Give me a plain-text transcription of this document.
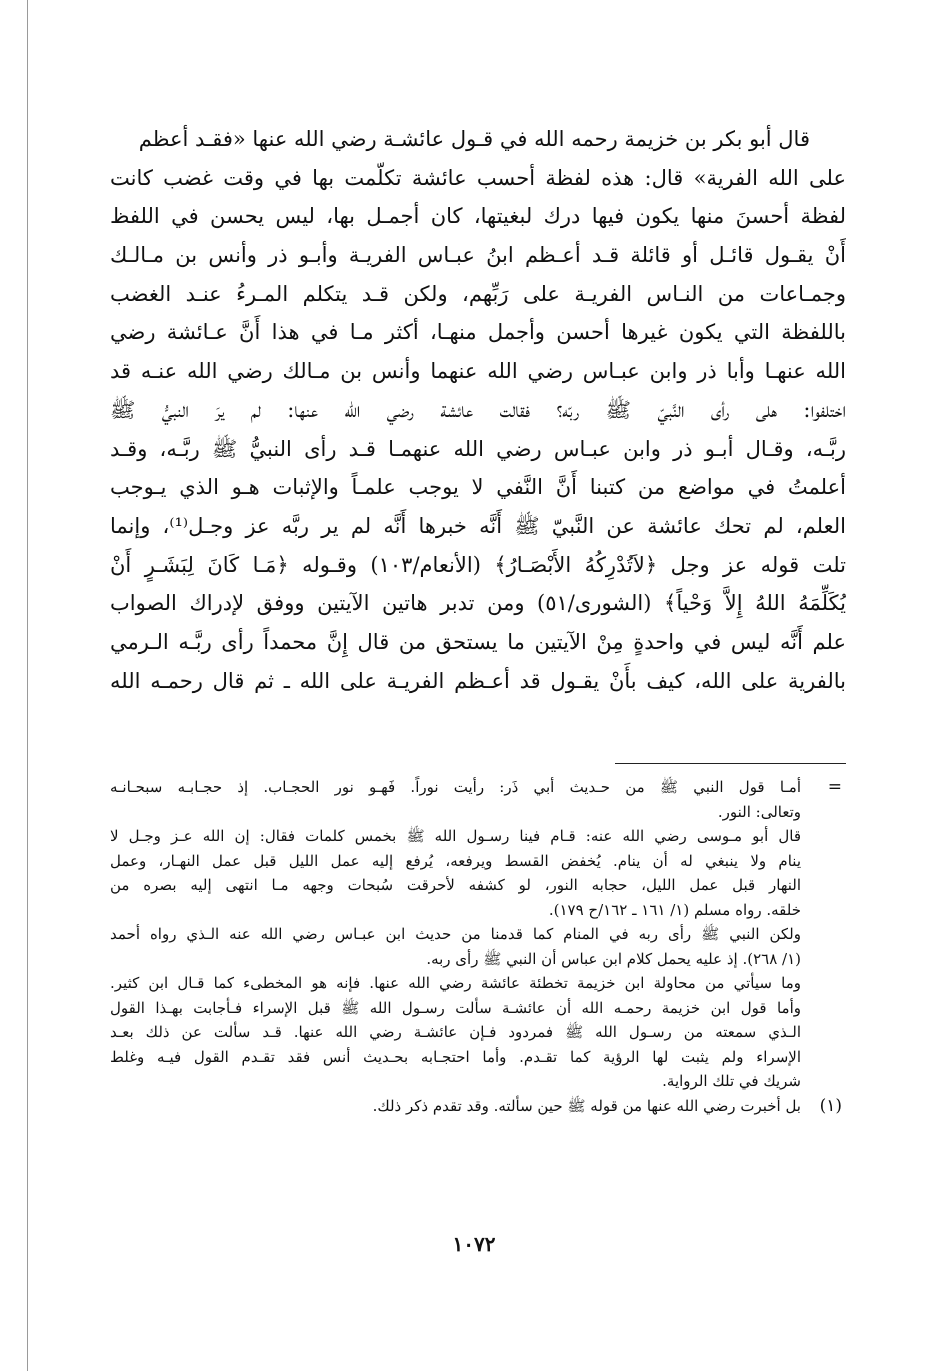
قال أبو بكر بن خزيمة رحمه الله في قـول عائشـة رضي الله عنها «فقـد أعظم
على الله الفرية» قال: هذه لفظة أحسب عائشة تكلّمت بها في وقت غضب كانت
لفظة أحسنَ منها يكون فيها درك لبغيتها، كان أجمـل بها، ليس يحسن في اللفظ
أَنْ يقـول قائـل أو قائلة قـد أعـظم ابنُ عبـاس الفريـة وأبـو ذر وأنس بن مـالـك
وجمـاعات من النـاس الفريـة على رَبِّهم، ولكن قـد يتكلم المـرءُ عنـد الغضب
باللفظة التي يكون غيرها أحسن وأجمل منهـا، أكثر مـا في هذا أَنَّ عـائشة رضي
الله عنهـا وأبا ذر وابن عبـاس رضي الله عنهما وأنس بن مـالك رضي الله عنـه قد
اختلفوا: هلى رأى النَّبيّ ﷺ ربّه؟ فقالت عائشة رضي الله عنها: لم يرَ النبيُّ ﷺ
ربَّـه، وقـال أبـو ذر وابن عبـاس رضي الله عنهمـا قـد رأى النبيُّ ﷺ ربَّـه، وقـد
أعلمتُ في مواضع من كتبنا أَنَّ النَّفي لا يوجب علمـاً والإثبات هـو الذي يـوجب
العلم، لم تحك عائشة عن النَّبيّ ﷺ أَنَّه خبرها أَنَّه لم ير ربَّه عز وجـل⁽¹⁾، وإنما
تلت قوله عز وجل ﴿لاَتُدْرِكُهُ الأَبْصَـارُ﴾ (الأنعام/١٠٣) وقـوله ﴿مَـا كَانَ لِبَشَـرٍ أَنْ
يُكَلِّمَهُ اللهُ إِلاَّ وَحْياً﴾ (الشورى/٥١) ومن تدبر هاتين الآيتين ووفق لإدراك الصواب
علم أَنَّه ليس في واحدةٍ مِنْ الآيتين ما يستحق من قال إِنَّ محمداً رأى ربَّـه الـرمي
بالفرية على الله، كيف بأَنْ يقـول قد أعـظم الفريـة على الله ـ ثم قال رحمـه الله
=
أمـا قول النبي ﷺ من حـديث أبي ذَر: رأيت نوراً. فَهـو نور الحجـاب. إذ حجـابـه سبحـانـه
وتعالى: النور.
قال أبو مـوسى رضي الله عنه: قـام فينا رسـول الله ﷺ بخمس كلمات فقال: إن الله عـز وجـل لا
ينام ولا ينبغي له أن ينام. يُخفض القسط ويرفعه، يُرفع إليه عمل الليل قبل عمل النهـار، وعمل
النهار قبل عمل الليل، حجابه النور، لو كشفه لأحرقت سُبحات وجهه مـا انتهى إليه بصره من
خلقه. رواه مسلم (١/ ١٦١ ـ ١٦٢/ح ١٧٩).
ولكن النبي ﷺ رأى ربه في المنام كما قدمنا من حديث ابن عبـاس رضي الله عنه الـذي رواه أحمد
(١/ ٢٦٨). إذ عليه يحمل كلام ابن عباس أن النبي ﷺ رأى ربه.
وما سيأتي من محاولة ابن خزيمة تخطئة عائشة رضي الله عنها. فإنه هو المخطىء كما قـال ابن كثير.
وأما قول ابن خزيمة رحمـه الله أن عائشـة سألت رسـول الله ﷺ قبل الإسراء فـأجابت بهـذا القول
الـذي سمعته من رسـول الله ﷺ فمردود فـإن عائشـة رضي الله عنها. قـد سألت عن ذلك بعـد
الإسراء ولم يثبت لها الرؤية كما تقـدم. وأما احتجـابه بحـديث أنس فقد تقـدم القول فيـه وغلط
شريك في تلك الرواية.
(١)
بل أخبرت رضي الله عنها من قوله ﷺ حين سألته. وقد تقدم ذكر ذلك.
١٠٧٢
